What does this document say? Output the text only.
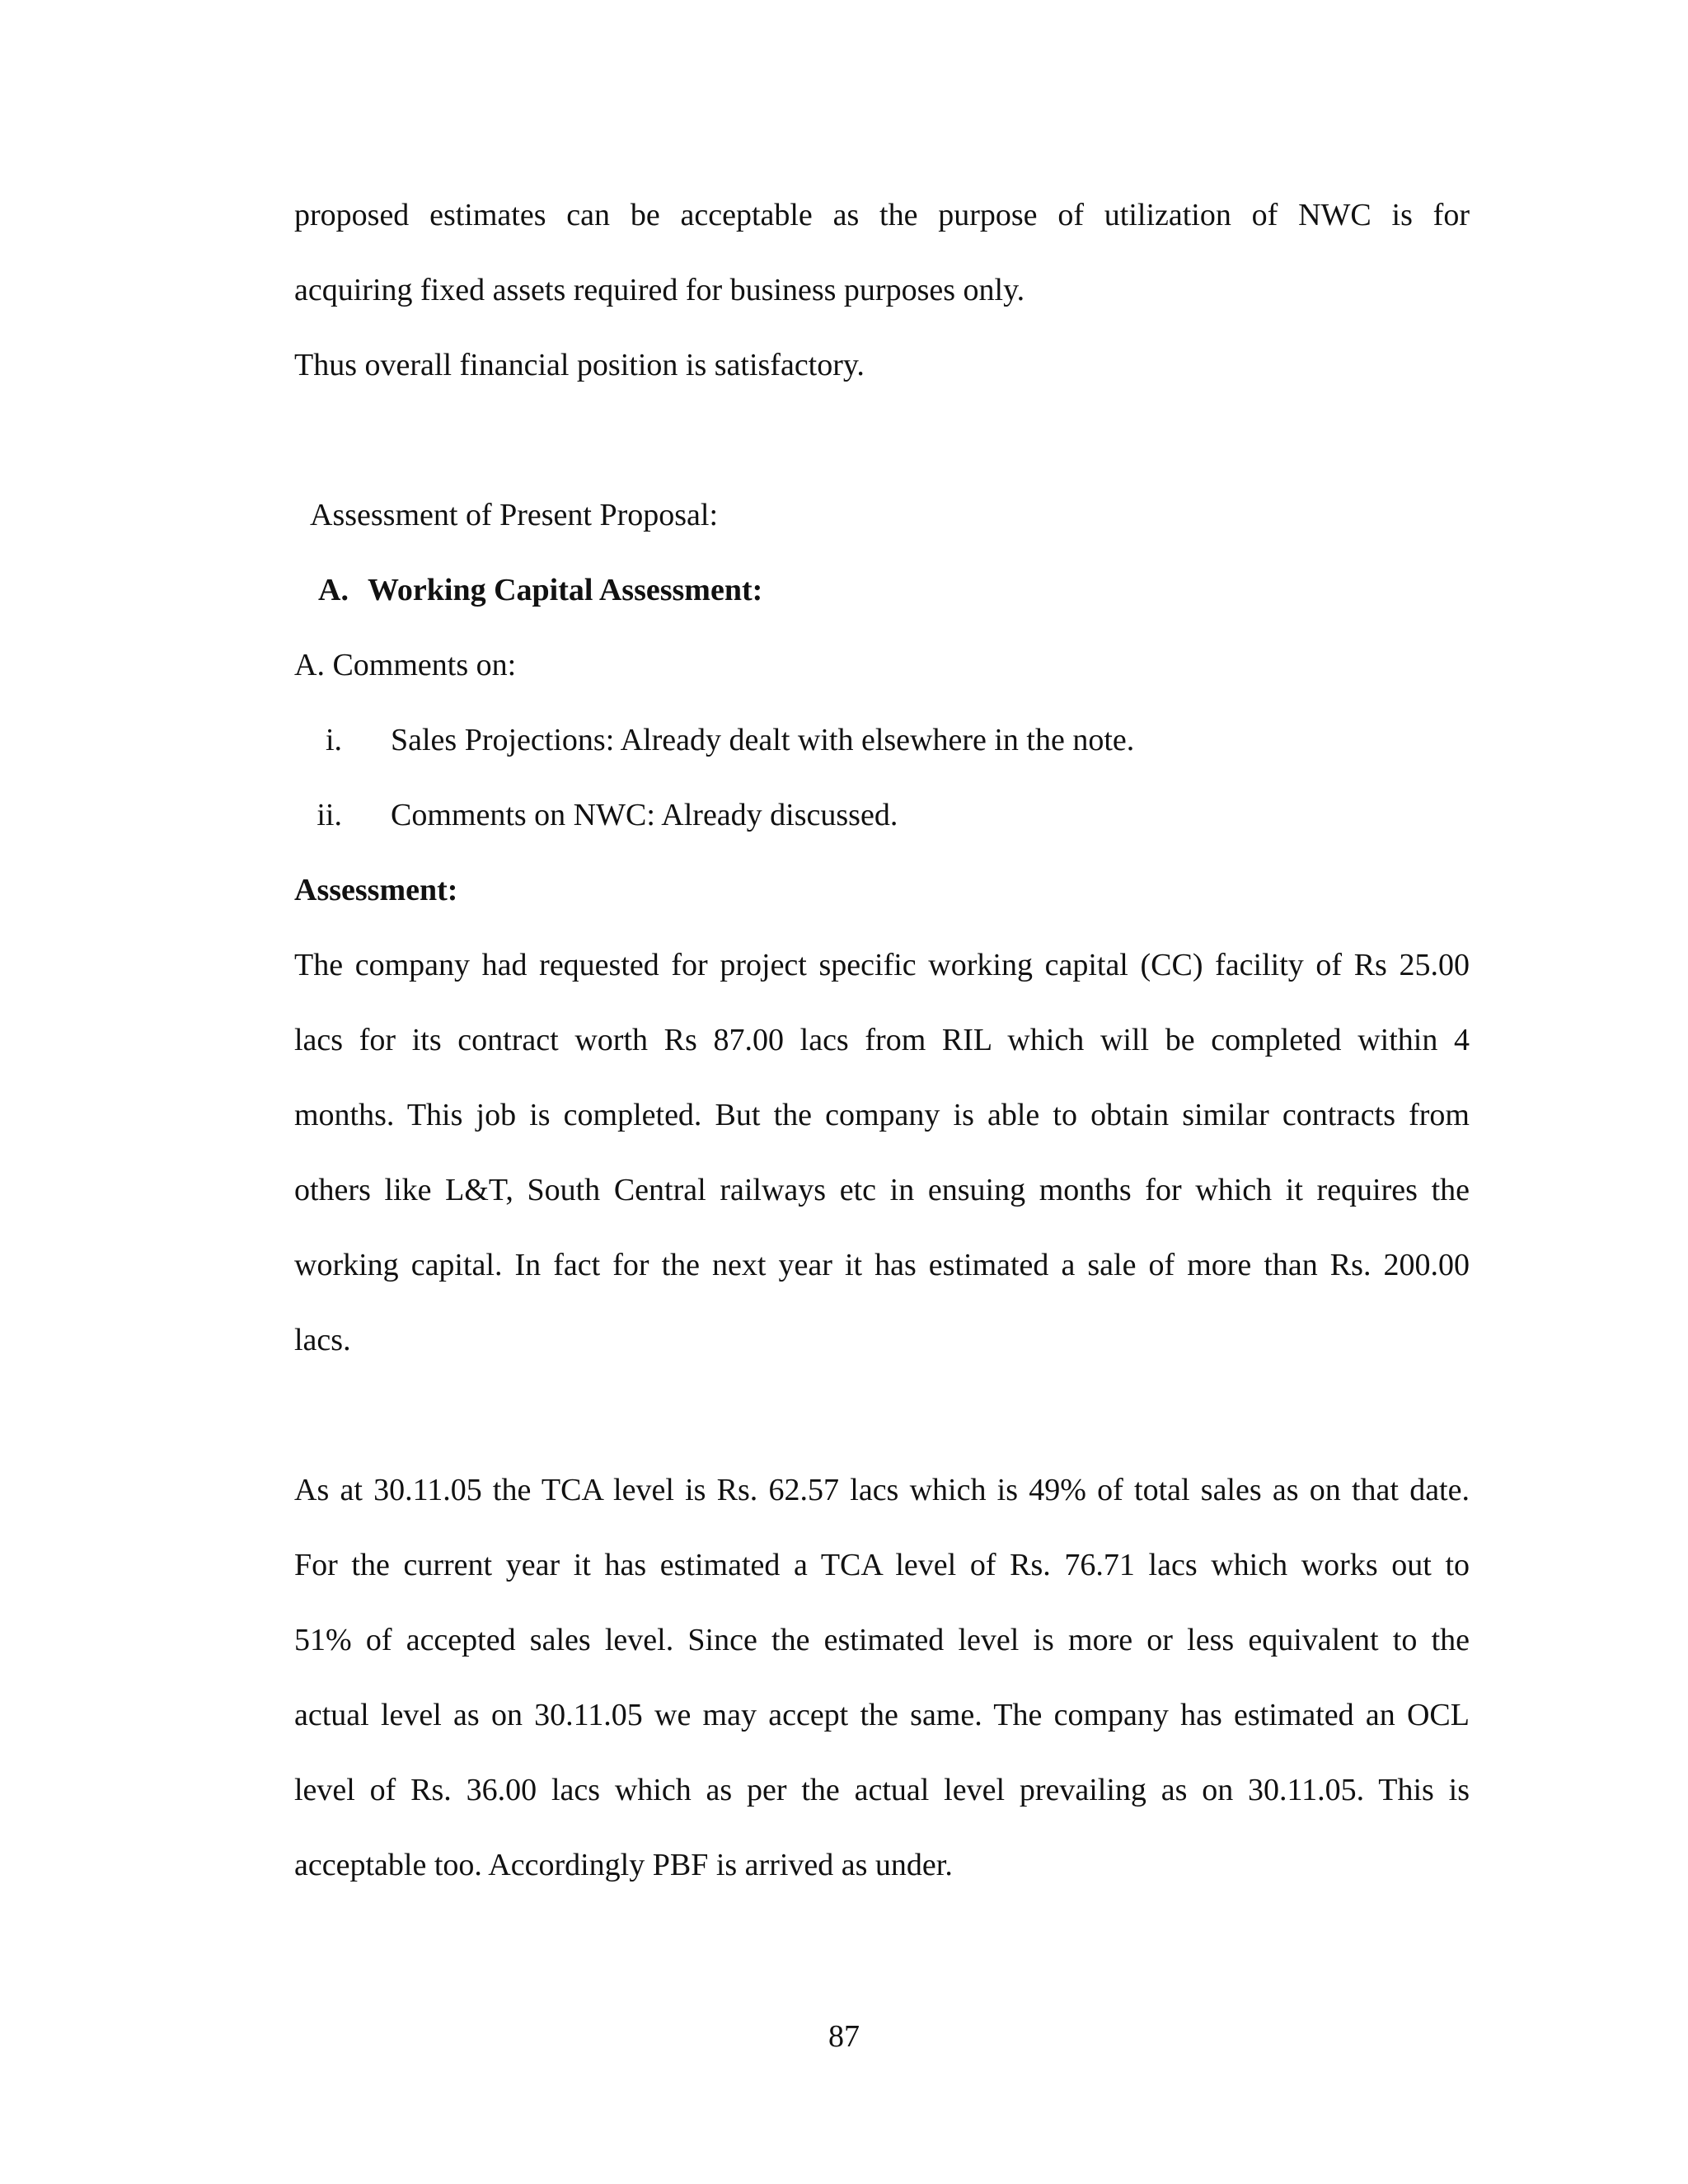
proposed estimates can be acceptable as the purpose of utilization of NWC is for
acquiring fixed assets required for business purposes only.
Thus overall financial position is satisfactory.
Assessment of Present Proposal:
A. Working Capital Assessment:
A. Comments on:
i. Sales Projections: Already dealt with elsewhere in the note.
ii. Comments on NWC: Already discussed.
Assessment:
The company had requested for project specific working capital (CC) facility of Rs 25.00
lacs for its contract worth Rs 87.00 lacs from RIL which will be completed within 4
months. This job is completed. But the company is able to obtain similar contracts from
others like L&T, South Central railways etc in ensuing months for which it requires the
working capital. In fact for the next year it has estimated a sale of more than Rs. 200.00
lacs.
As at 30.11.05 the TCA level is Rs. 62.57 lacs which is 49% of total sales as on that date.
For the current year it has estimated a TCA level of Rs. 76.71 lacs which works out to
51% of accepted sales level. Since the estimated level is more or less equivalent to the
actual level as on 30.11.05 we may accept the same. The company has estimated an OCL
level of Rs. 36.00 lacs which as per the actual level prevailing as on 30.11.05. This is
acceptable too. Accordingly PBF is arrived as under.
87
